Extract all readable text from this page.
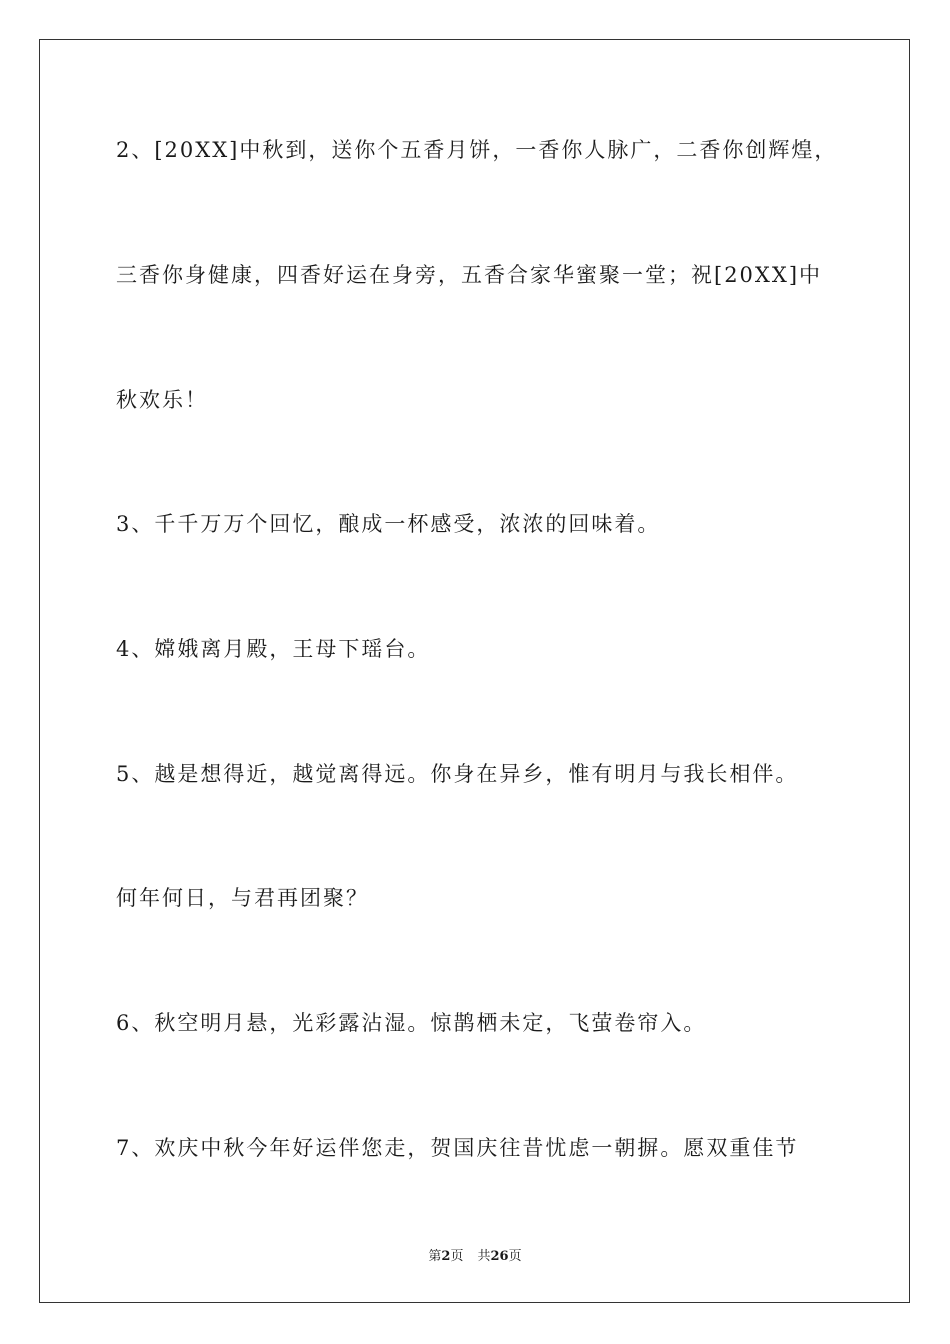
2、[20XX]中秋到，送你个五香月饼，一香你人脉广，二香你创辉煌，
三香你身健康，四香好运在身旁，五香合家华蜜聚一堂；祝[20XX]中
秋欢乐！
3、千千万万个回忆，酿成一杯感受，浓浓的回味着。
4、嫦娥离月殿，王母下瑶台。
5、越是想得近，越觉离得远。你身在异乡，惟有明月与我长相伴。
何年何日，与君再团聚？
6、秋空明月悬，光彩露沾湿。惊鹊栖未定，飞萤卷帘入。
7、欢庆中秋今年好运伴您走，贺国庆往昔忧虑一朝摒。愿双重佳节
第2页 共26页
